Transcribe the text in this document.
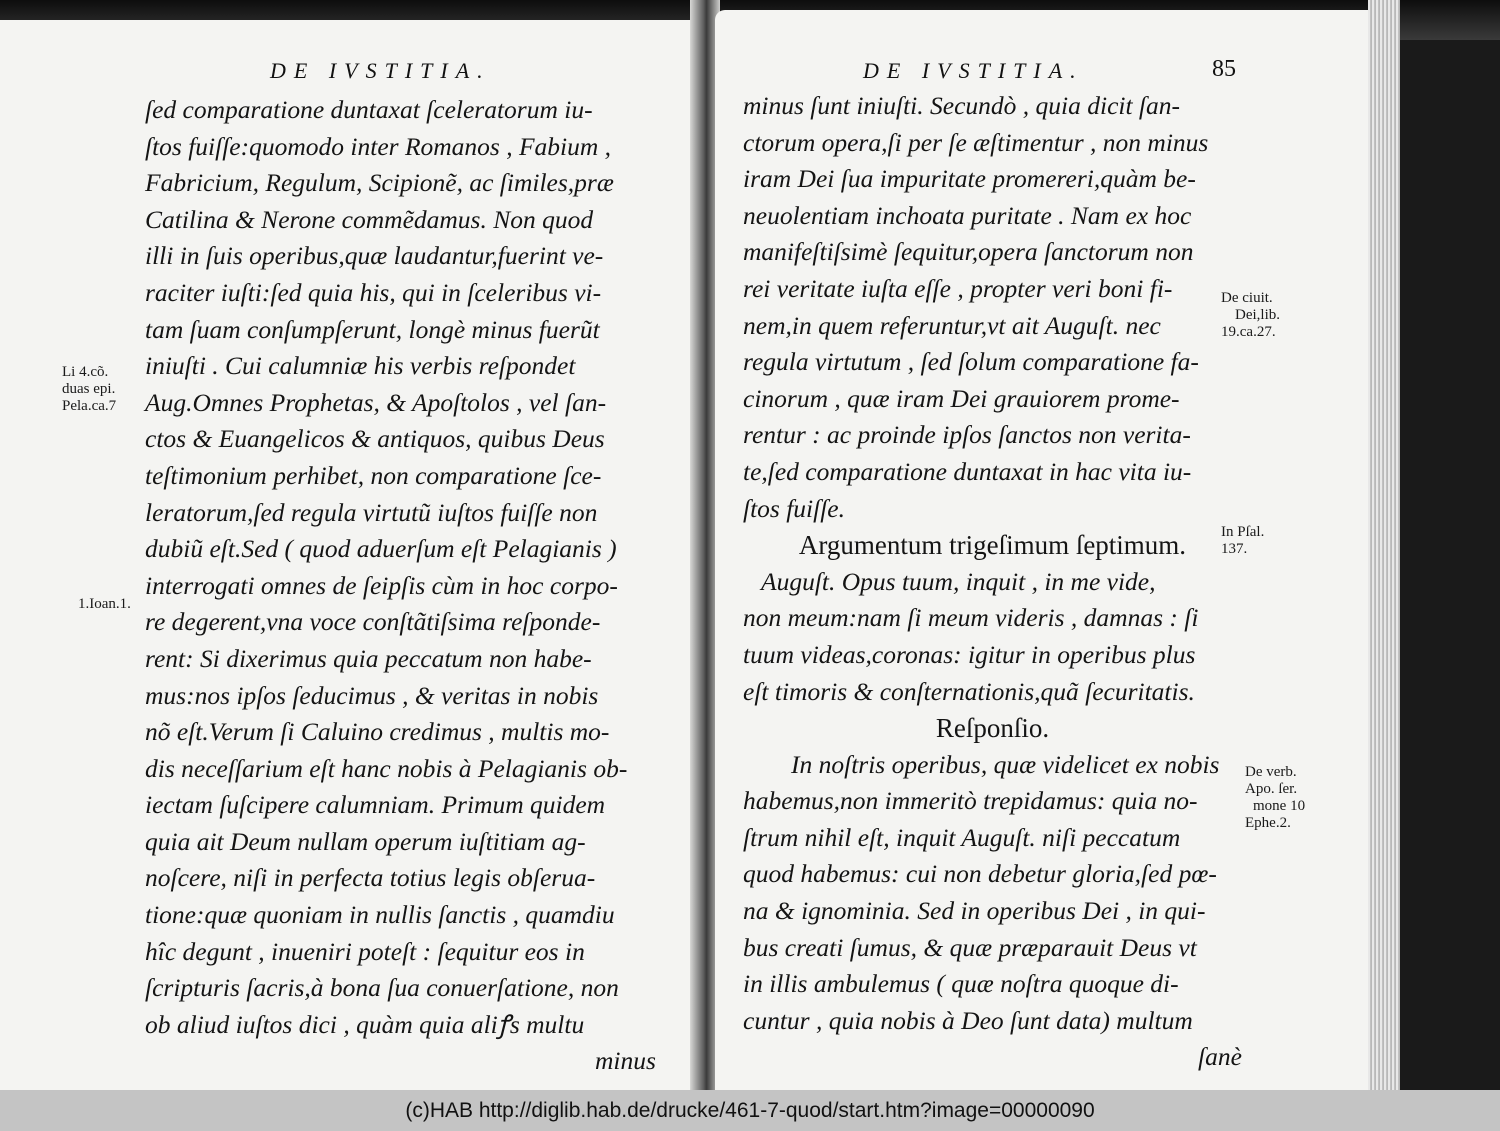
DE IVSTITIA.
ſed comparatione duntaxat ſceleratorum iu-
ſtos fuiſſe:quomodo inter Romanos , Fabium ,
Fabricium, Regulum, Scipionẽ, ac ſimiles,præ
Catilina & Nerone commẽdamus. Non quod
illi in ſuis operibus,quæ laudantur,fuerint ve-
raciter iuſti:ſed quia his, qui in ſceleribus vi-
tam ſuam conſumpſerunt, longè minus fuerũt
iniuſti . Cui calumniæ his verbis reſpondet
Aug.Omnes Prophetas, & Apoſtolos , vel ſan-
ctos & Euangelicos & antiquos, quibus Deus
teſtimonium perhibet, non comparatione ſce-
leratorum,ſed regula virtutũ iuſtos fuiſſe non
dubiũ eſt.Sed ( quod aduerſum eſt Pelagianis )
interrogati omnes de ſeipſis cùm in hoc corpo-
re degerent,vna voce conſtãtiſsima reſponde-
rent: Si dixerimus quia peccatum non habe-
mus:nos ipſos ſeducimus , & veritas in nobis
nõ eſt.Verum ſi Caluino credimus , multis mo-
dis neceſſarium eſt hanc nobis à Pelagianis ob-
iectam ſuſcipere calumniam. Primum quidem
quia ait Deum nullam operum iuſtitiam ag-
noſcere, niſi in perfecta totius legis obſerua-
tione:quæ quoniam in nullis ſanctis , quamdiu
hîc degunt , inueniri poteſt : ſequitur eos in
ſcripturis ſacris,à bona ſua conuerſatione, non
ob aliud iuſtos dici , quàm quia aliꝭs multu
minus
Li 4.cõ.
duas epi.
Pela.ca.7
1.Ioan.1.
DE IVSTITIA.	85
minus ſunt iniuſti. Secundò , quia dicit ſan-
ctorum opera,ſi per ſe æſtimentur , non minus
iram Dei ſua impuritate promereri,quàm be-
neuolentiam inchoata puritate . Nam ex hoc
manifeſtiſsimè ſequitur,opera ſanctorum non
rei veritate iuſta eſſe , propter veri boni fi-
nem,in quem referuntur,vt ait Auguſt. nec
regula virtutum , ſed ſolum comparatione fa-
cinorum , quæ iram Dei grauiorem prome-
rentur : ac proinde ipſos ſanctos non verita-
te,ſed comparatione duntaxat in hac vita iu-
ſtos fuiſſe.
Argumentum trigeſimum ſeptimum.
Auguſt. Opus tuum, inquit , in me vide,
non meum:nam ſi meum videris , damnas : ſi
tuum videas,coronas: igitur in operibus plus
eſt timoris & conſternationis,quã ſecuritatis.
Reſponſio.
In noſtris operibus, quæ videlicet ex nobis
habemus,non immeritò trepidamus: quia no-
ſtrum nihil eſt, inquit Auguſt. niſi peccatum
quod habemus: cui non debetur gloria,ſed pœ-
na & ignominia. Sed in operibus Dei , in qui-
bus creati ſumus, & quæ præparauit Deus vt
in illis ambulemus ( quæ noſtra quoque di-
cuntur , quia nobis à Deo ſunt data) multum
ſanè
De ciuit.
Dei,lib.
19.ca.27.
In Pſal.
137.
De verb.
Apo. ſer.
mone 10
Ephe.2.
(c)HAB http://diglib.hab.de/drucke/461-7-quod/start.htm?image=00000090
